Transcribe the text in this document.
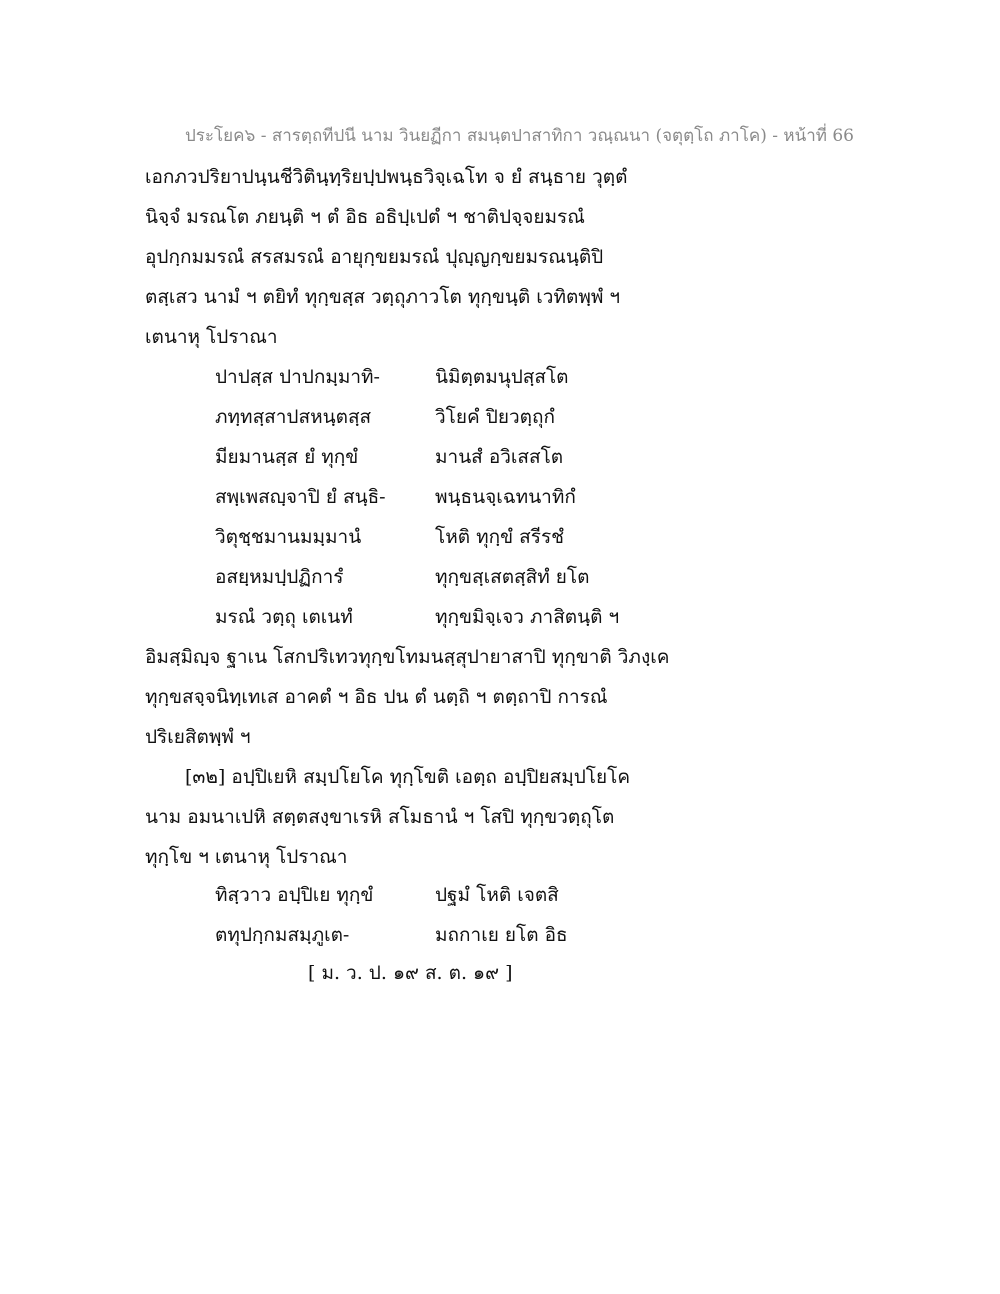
ประโยค๖ - สารตฺถทีปนี นาม วินยฏีกา สมนฺตปาสาทิกา วณฺณนา (จตุตฺโถ ภาโค) - หน้าที่ 66
เอกภวปริยาปนฺนชีวิตินฺทฺริยปฺปพนฺธวิจฺเฉโท จ ยํ สนฺธาย วุตฺตํ
นิจฺจํ มรณโต ภยนฺติ ฯ ตํ อิธ อธิปฺเปตํ ฯ ชาติปจฺจยมรณํ
อุปกฺกมมรณํ สรสมรณํ อายุกฺขยมรณํ ปุญฺญกฺขยมรณนฺติปิ
ตสฺเสว นามํ ฯ ตยิทํ ทุกฺขสฺส วตฺถุภาวโต ทุกฺขนฺติ เวทิตพฺพํ ฯ
เตนาหุ โปราณา
ปาปสฺส ปาปกมฺมาทิ-	นิมิตฺตมนุปสฺสโต
ภทฺทสฺสาปสหนฺตสฺส	วิโยคํ ปิยวตฺถุกํ
มียมานสฺส ยํ ทุกฺขํ	มานสํ อวิเสสโต
สพฺเพสญฺจาปิ ยํ สนฺธิ-	พนฺธนจฺเฉทนาทิกํ
วิตุชฺชมานมมฺมานํ	โหติ ทุกฺขํ สรีรชํ
อสยฺหมปฺปฏิการํ	ทุกฺขสฺเสตสฺสิทํ ยโต
มรณํ วตฺถุ เตเนทํ	ทุกฺขมิจฺเจว ภาสิตนฺติ ฯ
อิมสฺมิญฺจ ฐาเน โสกปริเทวทุกฺขโทมนสฺสุปายาสาปิ ทุกฺขาติ วิภงฺเค
ทุกฺขสจฺจนิทฺเทเส อาคตํ ฯ อิธ ปน ตํ นตฺถิ ฯ ตตฺถาปิ การณํ
ปริเยสิตพฺพํ ฯ
[๓๒] อปฺปิเยหิ สมฺปโยโค ทุกฺโขติ เอตฺถ อปฺปิยสมฺปโยโค
นาม อมนาเปหิ สตฺตสงฺขาเรหิ สโมธานํ ฯ โสปิ ทุกฺขวตฺถุโต
ทุกฺโข ฯ เตนาหุ โปราณา
ทิสฺวาว อปฺปิเย ทุกฺขํ	ปฐมํ โหติ เจตสิ
ตทุปกฺกมสมฺภูเต-	มถกาเย ยโต อิธ
[ ม. ว. ป. ๑๙ ส. ต. ๑๙ ]
